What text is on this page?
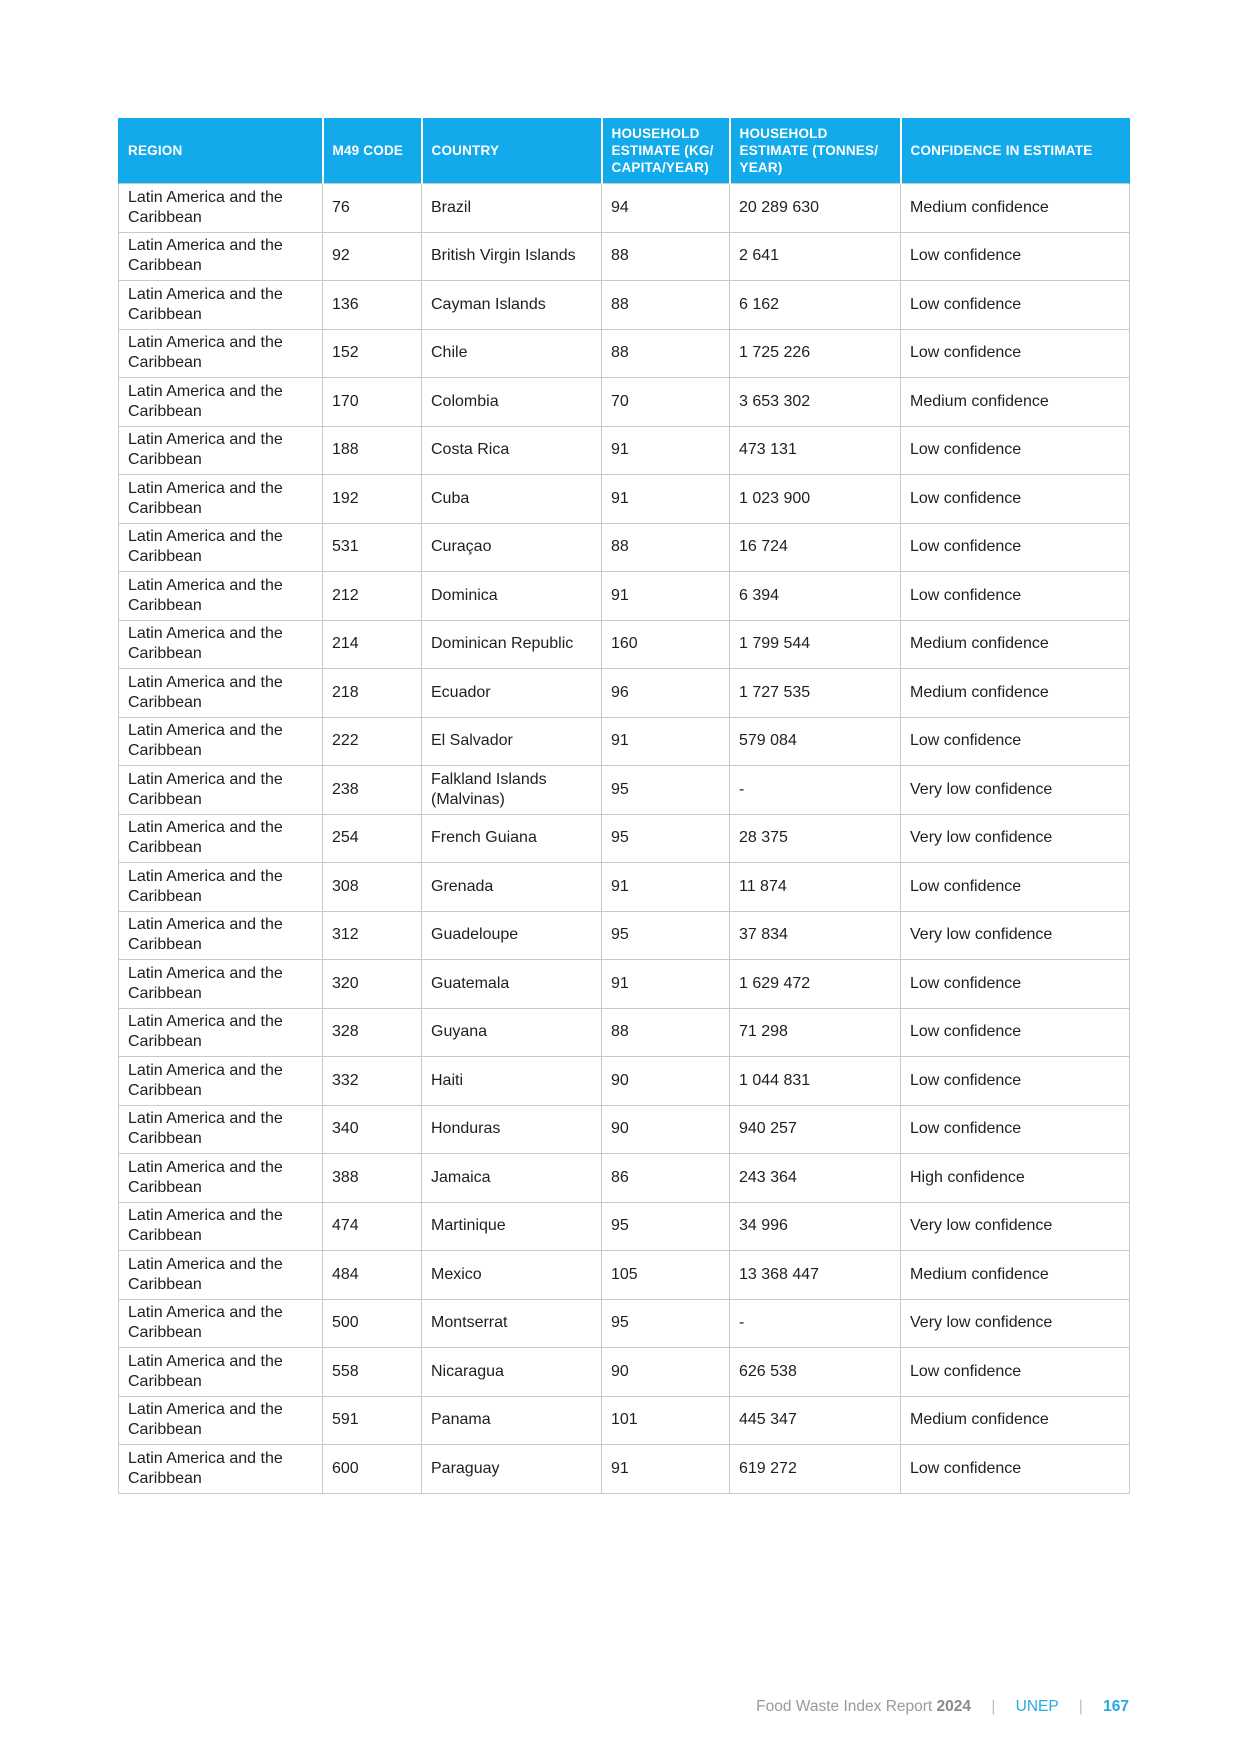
REGION	M49 CODE	COUNTRY	HOUSEHOLD ESTIMATE (KG/ CAPITA/YEAR)	HOUSEHOLD ESTIMATE (TONNES/ YEAR)	CONFIDENCE IN ESTIMATE
Latin America and the Caribbean	76	Brazil	94	20 289 630	Medium confidence
Latin America and the Caribbean	92	British Virgin Islands	88	2 641	Low confidence
Latin America and the Caribbean	136	Cayman Islands	88	6 162	Low confidence
Latin America and the Caribbean	152	Chile	88	1 725 226	Low confidence
Latin America and the Caribbean	170	Colombia	70	3 653 302	Medium confidence
Latin America and the Caribbean	188	Costa Rica	91	473 131	Low confidence
Latin America and the Caribbean	192	Cuba	91	1 023 900	Low confidence
Latin America and the Caribbean	531	Curaçao	88	16 724	Low confidence
Latin America and the Caribbean	212	Dominica	91	6 394	Low confidence
Latin America and the Caribbean	214	Dominican Republic	160	1 799 544	Medium confidence
Latin America and the Caribbean	218	Ecuador	96	1 727 535	Medium confidence
Latin America and the Caribbean	222	El Salvador	91	579 084	Low confidence
Latin America and the Caribbean	238	Falkland Islands (Malvinas)	95	-	Very low confidence
Latin America and the Caribbean	254	French Guiana	95	28 375	Very low confidence
Latin America and the Caribbean	308	Grenada	91	11 874	Low confidence
Latin America and the Caribbean	312	Guadeloupe	95	37 834	Very low confidence
Latin America and the Caribbean	320	Guatemala	91	1 629 472	Low confidence
Latin America and the Caribbean	328	Guyana	88	71 298	Low confidence
Latin America and the Caribbean	332	Haiti	90	1 044 831	Low confidence
Latin America and the Caribbean	340	Honduras	90	940 257	Low confidence
Latin America and the Caribbean	388	Jamaica	86	243 364	High confidence
Latin America and the Caribbean	474	Martinique	95	34 996	Very low confidence
Latin America and the Caribbean	484	Mexico	105	13 368 447	Medium confidence
Latin America and the Caribbean	500	Montserrat	95	-	Very low confidence
Latin America and the Caribbean	558	Nicaragua	90	626 538	Low confidence
Latin America and the Caribbean	591	Panama	101	445 347	Medium confidence
Latin America and the Caribbean	600	Paraguay	91	619 272	Low confidence
Food Waste Index Report 2024 | UNEP | 167
